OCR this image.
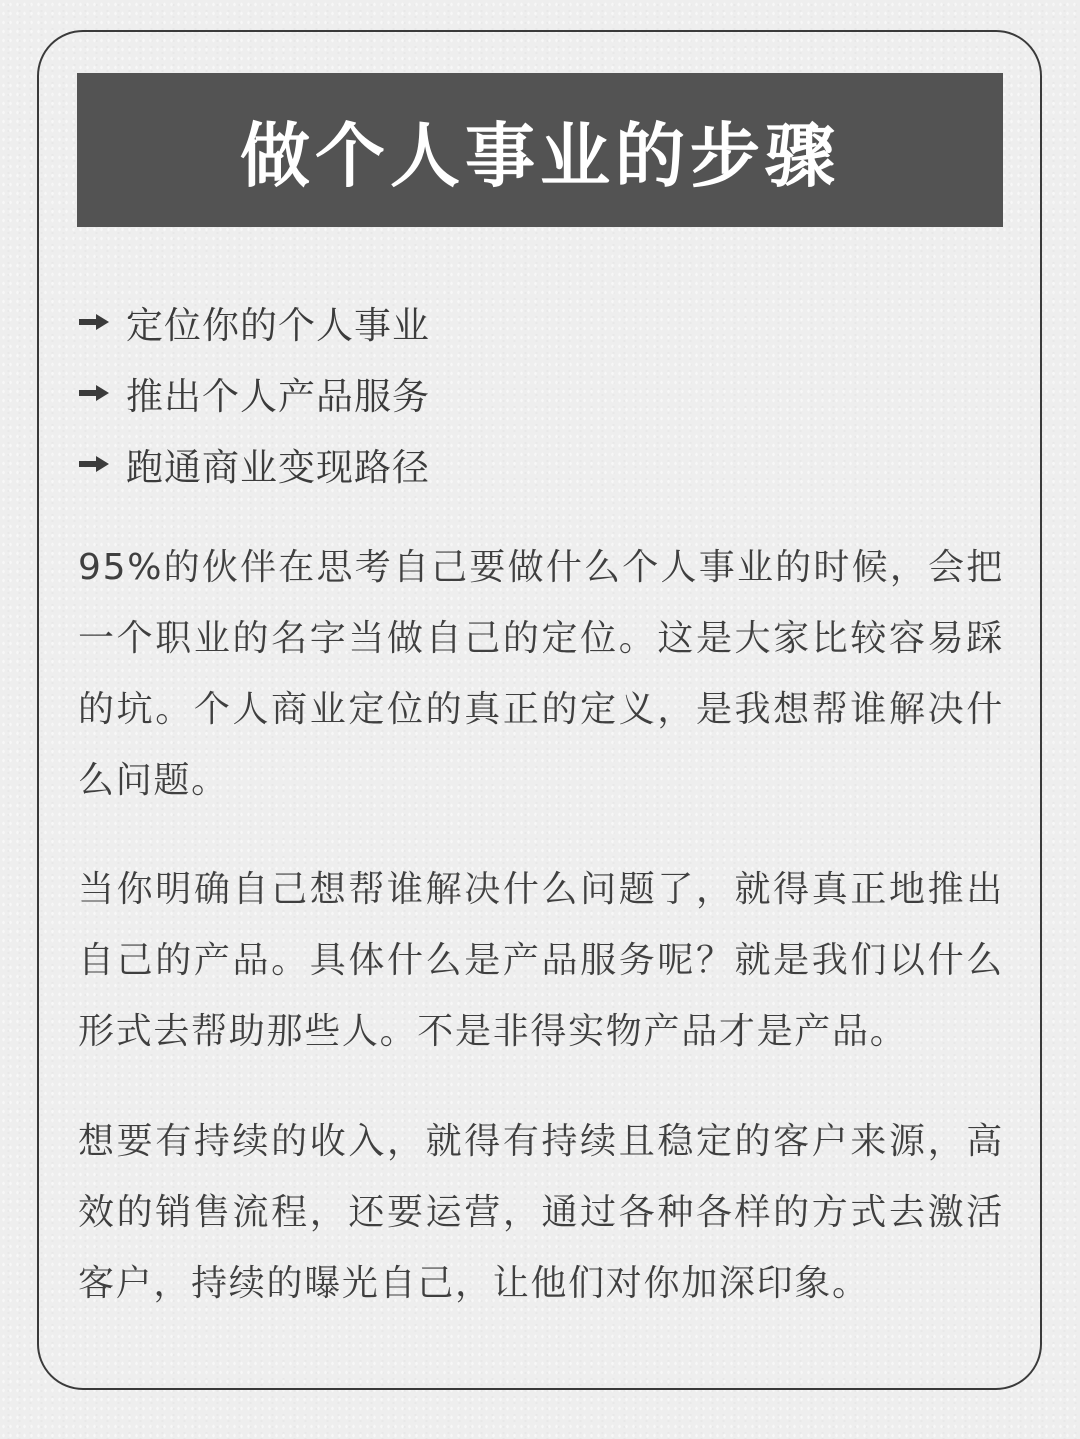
做个人事业的步骤
定位你的个人事业
推出个人产品服务
跑通商业变现路径

95%的伙伴在思考自己要做什么个人事业的时候，会把一个职业的名字当做自己的定位。这是大家比较容易踩的坑。个人商业定位的真正的定义，是我想帮谁解决什么问题。

当你明确自己想帮谁解决什么问题了，就得真正地推出自己的产品。具体什么是产品服务呢？就是我们以什么形式去帮助那些人。不是非得实物产品才是产品。

想要有持续的收入，就得有持续且稳定的客户来源，高效的销售流程，还要运营，通过各种各样的方式去激活客户，持续的曝光自己，让他们对你加深印象。
